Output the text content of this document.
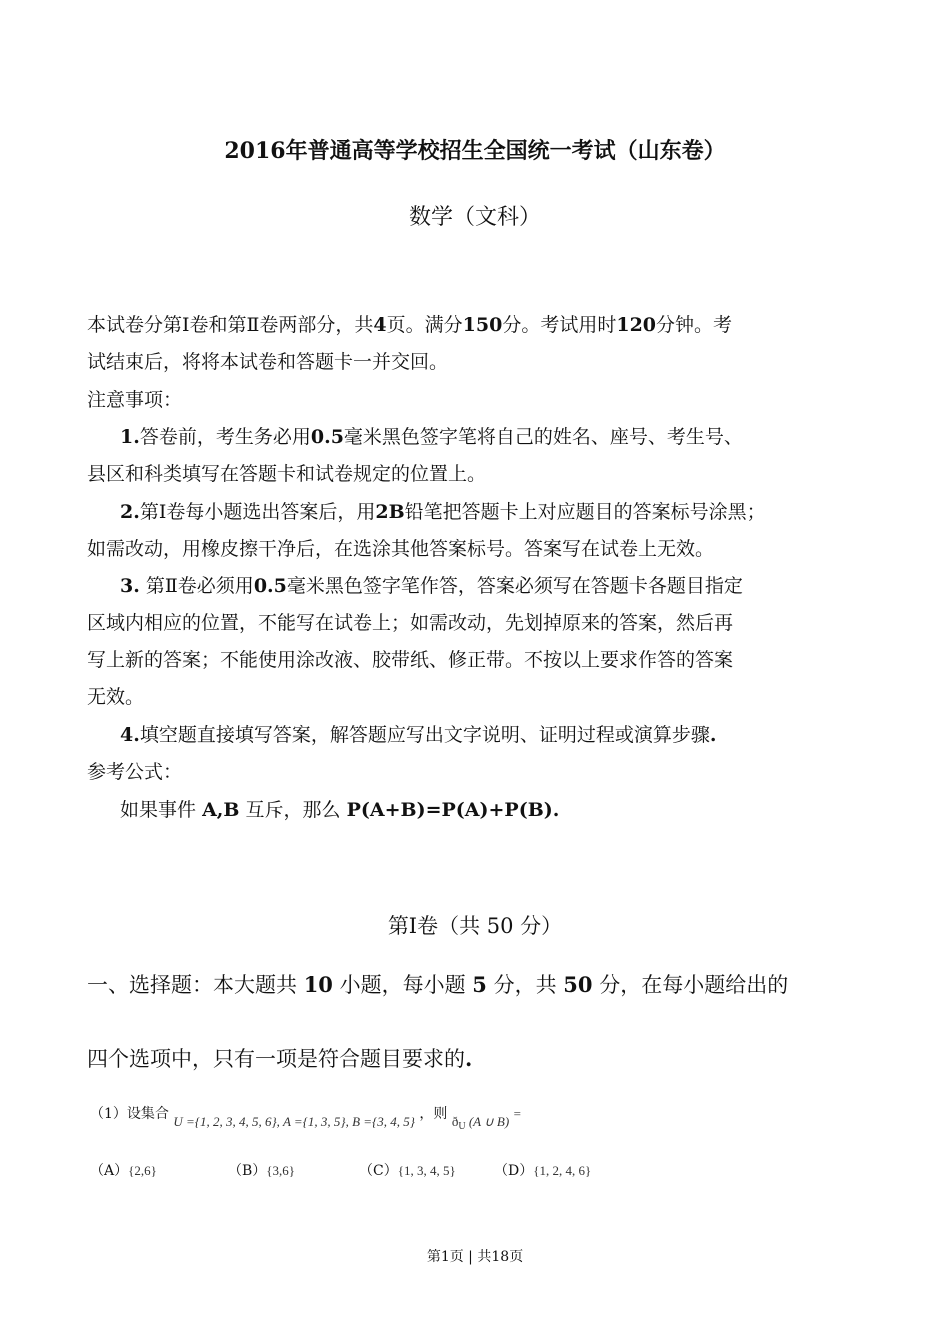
2016年普通高等学校招生全国统一考试（山东卷）
数学（文科）
本试卷分第Ⅰ卷和第Ⅱ卷两部分，共4页。满分150分。考试用时120分钟。考
试结束后，将将本试卷和答题卡一并交回。
注意事项：
1.答卷前，考生务必用0.5毫米黑色签字笔将自己的姓名、座号、考生号、
县区和科类填写在答题卡和试卷规定的位置上。
2.第Ⅰ卷每小题选出答案后，用2B铅笔把答题卡上对应题目的答案标号涂黑；
如需改动，用橡皮擦干净后，在选涂其他答案标号。答案写在试卷上无效。
3. 第Ⅱ卷必须用0.5毫米黑色签字笔作答，答案必须写在答题卡各题目指定
区域内相应的位置，不能写在试卷上；如需改动，先划掉原来的答案，然后再
写上新的答案；不能使用涂改液、胶带纸、修正带。不按以上要求作答的答案
无效。
4.填空题直接填写答案，解答题应写出文字说明、证明过程或演算步骤.
参考公式：
如果事件 A,B 互斥，那么 P(A+B)=P(A)+P(B).
第Ⅰ卷（共 50 分）
一、选择题：本大题共 10 小题，每小题 5 分，共 50 分，在每小题给出的
四个选项中，只有一项是符合题目要求的.
（1）设集合 U ={1, 2, 3, 4, 5, 6}, A ={1, 3, 5}, B ={3, 4, 5} ，则 $ð_U$ (A ∪ B) =
（A）{2,6}	（B）{3,6}	（C）{1, 3, 4, 5}	（D）{1, 2, 4, 6}
第1页 | 共18页
